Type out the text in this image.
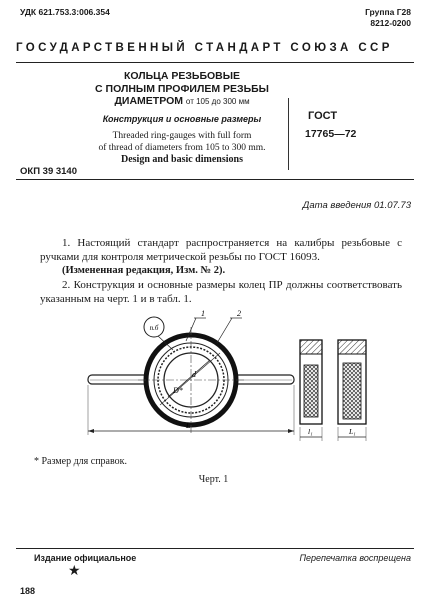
УДК 621.753.3:006.354	Группа Г28
8212-0200
ГОСУДАРСТВЕННЫЙ СТАНДАРТ СОЮЗА ССР
КОЛЬЦА РЕЗЬБОВЫЕ
С ПОЛНЫМ ПРОФИЛЕМ РЕЗЬБЫ
ДИАМЕТРОМ от 105 до 300 мм
Конструкция и основные размеры
Threaded ring-gauges with full form
of thread of diameters from 105 to 300 mm.
Design and basic dimensions
ГОСТ
17765—72
ОКП 39 3140
Дата введения 01.07.73

1. Настоящий стандарт распространяется на калибры резьбовые с ручками для контроля метрической резьбы по ГОСТ 16093.

(Измененная редакция, Изм. № 2).

2. Конструкция и основные размеры колец ПР должны соответствовать указанным на черт. 1 и в табл. 1.

п.б
1	2
d
D*
L
l₁	L₁
* Размер для справок.
Черт. 1
Издание официальное	Перепечатка воспрещена
★
188
